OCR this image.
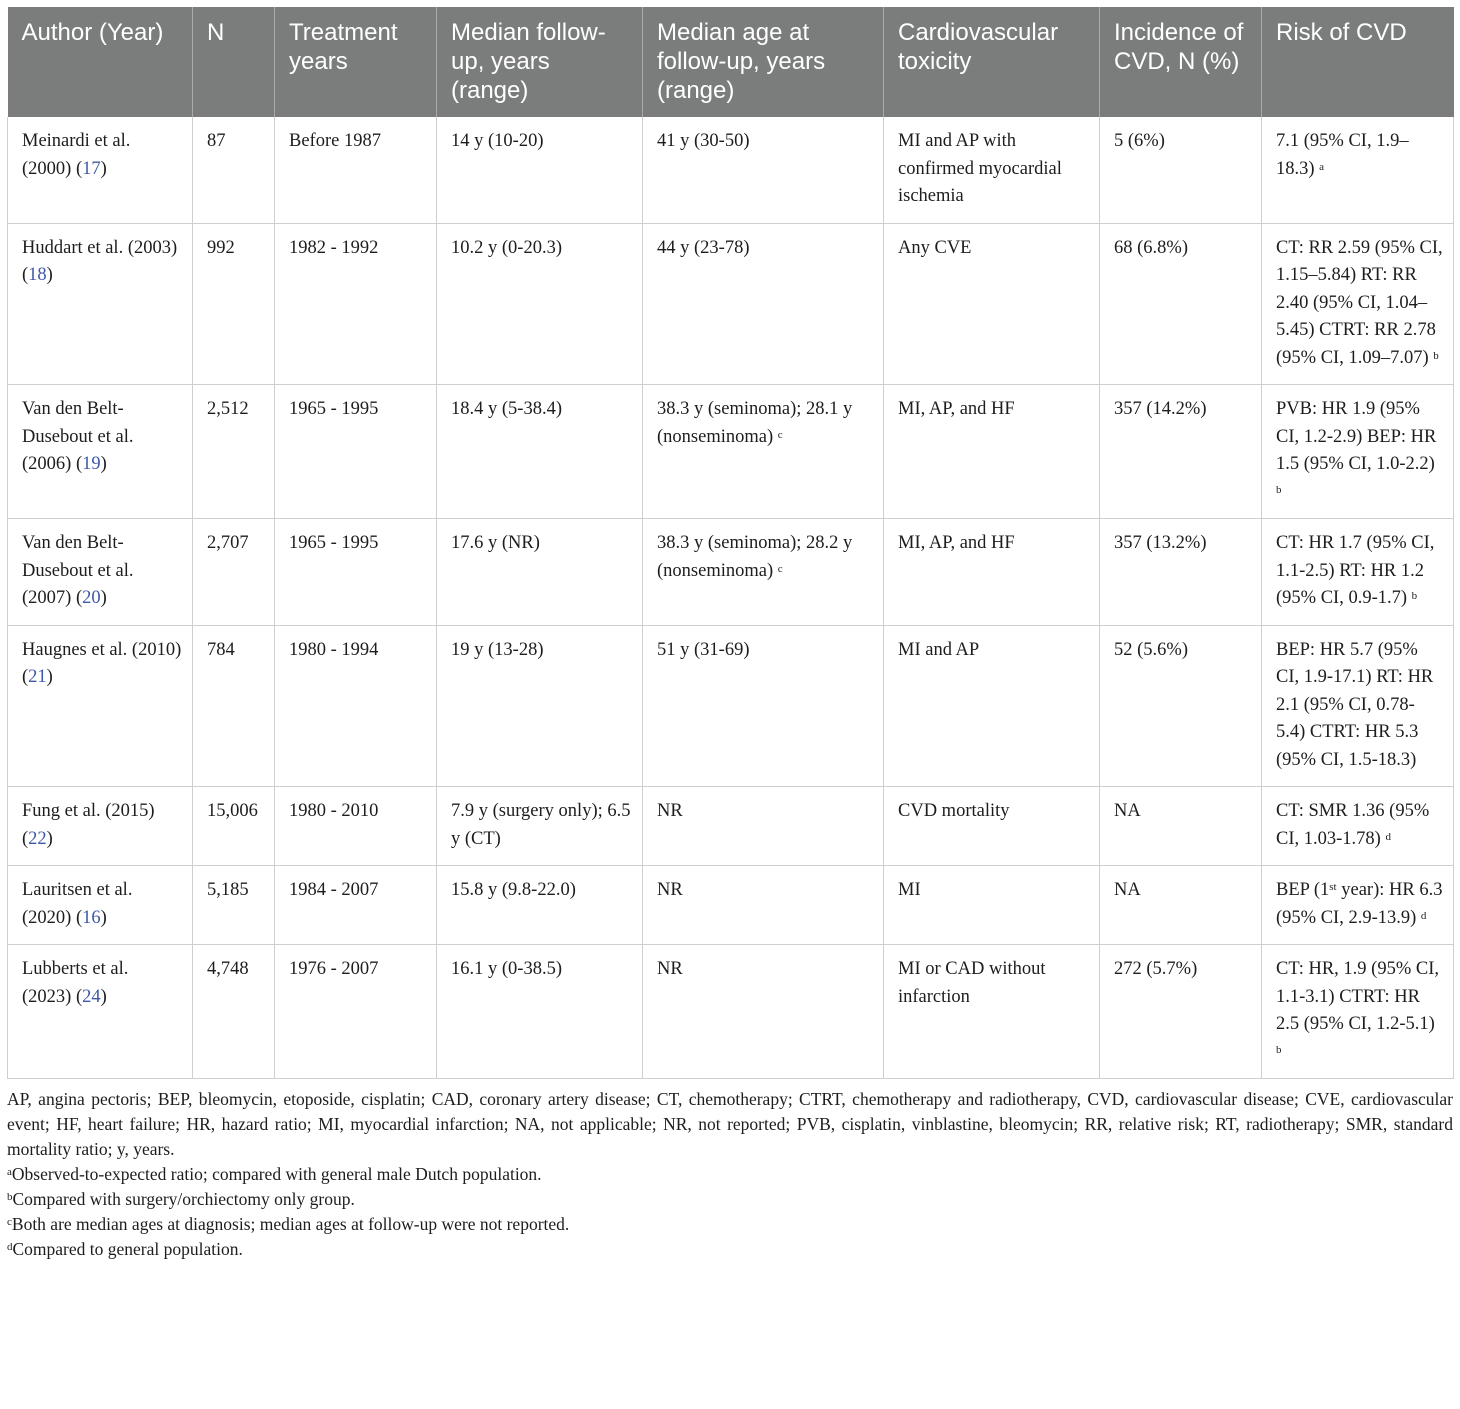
Author (Year)	N	Treatment years	Median follow-up, years (range)	Median age at follow-up, years (range)	Cardiovascular toxicity	Incidence of CVD, N (%)	Risk of CVD
Meinardi et al. (2000) (17)	87	Before 1987	14 y (10-20)	41 y (30-50)	MI and AP with confirmed myocardial ischemia	5 (6%)	7.1 (95% CI, 1.9–18.3) $^a$
Huddart et al. (2003) (18)	992	1982 - 1992	10.2 y (0-20.3)	44 y (23-78)	Any CVE	68 (6.8%)	CT: RR 2.59 (95% CI, 1.15–5.84) RT: RR 2.40 (95% CI, 1.04–5.45) CTRT: RR 2.78 (95% CI, 1.09–7.07) $^b$
Van den Belt-Dusebout et al. (2006) (19)	2,512	1965 - 1995	18.4 y (5-38.4)	38.3 y (seminoma); 28.1 y (nonseminoma) $^c$	MI, AP, and HF	357 (14.2%)	PVB: HR 1.9 (95% CI, 1.2-2.9) BEP: HR 1.5 (95% CI, 1.0-2.2) $^b$
Van den Belt-Dusebout et al. (2007) (20)	2,707	1965 - 1995	17.6 y (NR)	38.3 y (seminoma); 28.2 y (nonseminoma) $^c$	MI, AP, and HF	357 (13.2%)	CT: HR 1.7 (95% CI, 1.1-2.5) RT: HR 1.2 (95% CI, 0.9-1.7) $^b$
Haugnes et al. (2010) (21)	784	1980 - 1994	19 y (13-28)	51 y (31-69)	MI and AP	52 (5.6%)	BEP: HR 5.7 (95% CI, 1.9-17.1) RT: HR 2.1 (95% CI, 0.78-5.4) CTRT: HR 5.3 (95% CI, 1.5-18.3)
Fung et al. (2015) (22)	15,006	1980 - 2010	7.9 y (surgery only); 6.5 y (CT)	NR	CVD mortality	NA	CT: SMR 1.36 (95% CI, 1.03-1.78) $^d$
Lauritsen et al. (2020) (16)	5,185	1984 - 2007	15.8 y (9.8-22.0)	NR	MI	NA	BEP (1st year): HR 6.3 (95% CI, 2.9-13.9) $^d$
Lubberts et al. (2023) (24)	4,748	1976 - 2007	16.1 y (0-38.5)	NR	MI or CAD without infarction	272 (5.7%)	CT: HR, 1.9 (95% CI, 1.1-3.1) CTRT: HR 2.5 (95% CI, 1.2-5.1) $^b$

AP, angina pectoris; BEP, bleomycin, etoposide, cisplatin; CAD, coronary artery disease; CT, chemotherapy; CTRT, chemotherapy and radiotherapy, CVD, cardiovascular disease; CVE, cardiovascular event; HF, heart failure; HR, hazard ratio; MI, myocardial infarction; NA, not applicable; NR, not reported; PVB, cisplatin, vinblastine, bleomycin; RR, relative risk; RT, radiotherapy; SMR, standard mortality ratio; y, years.

$^a$Observed-to-expected ratio; compared with general male Dutch population.

$^b$Compared with surgery/orchiectomy only group.

$^c$Both are median ages at diagnosis; median ages at follow-up were not reported.

$^d$Compared to general population.
